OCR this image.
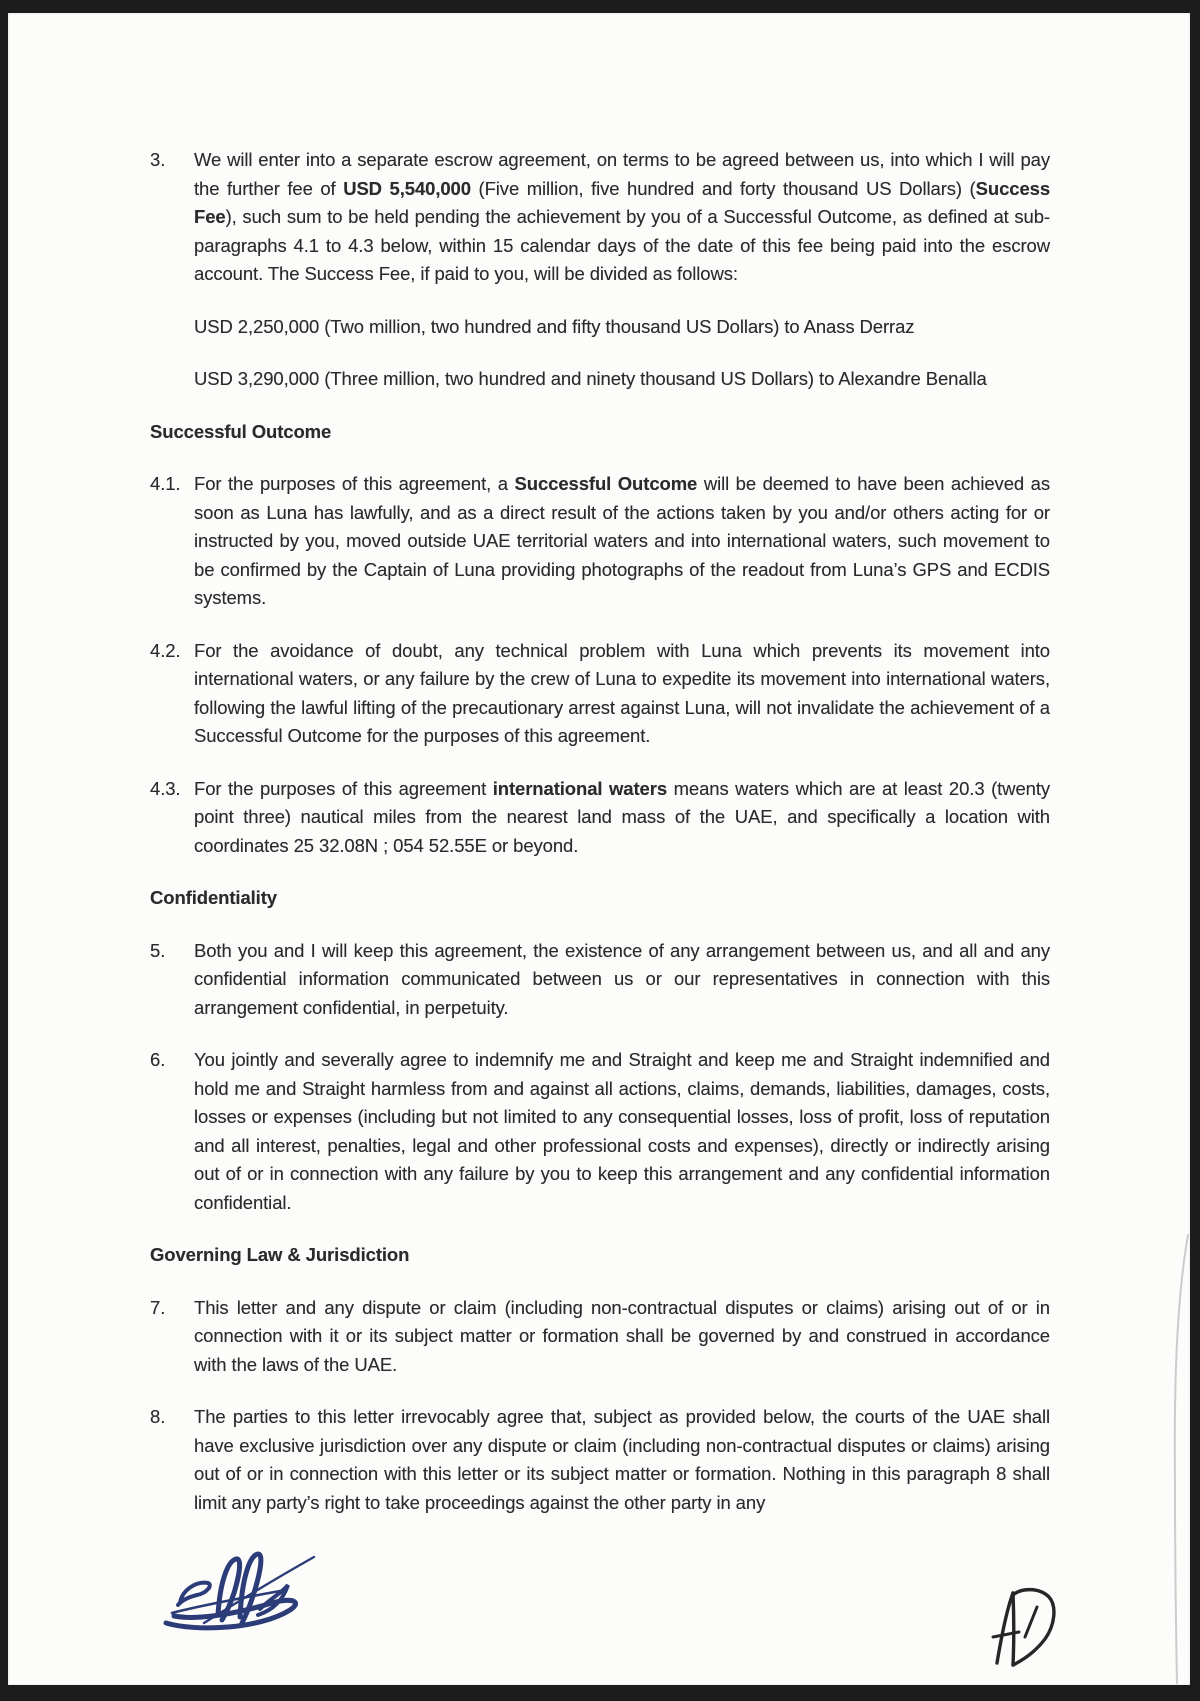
3.	We will enter into a separate escrow agreement, on terms to be agreed between us, into which I will pay the further fee of USD 5,540,000 (Five million, five hundred and forty thousand US Dollars) (Success Fee), such sum to be held pending the achievement by you of a Successful Outcome, as defined at sub-paragraphs 4.1 to 4.3 below, within 15 calendar days of the date of this fee being paid into the escrow account. The Success Fee, if paid to you, will be divided as follows:
USD 2,250,000 (Two million, two hundred and fifty thousand US Dollars) to Anass Derraz
USD 3,290,000 (Three million, two hundred and ninety thousand US Dollars) to Alexandre Benalla
Successful Outcome
4.1. For the purposes of this agreement, a Successful Outcome will be deemed to have been achieved as soon as Luna has lawfully, and as a direct result of the actions taken by you and/or others acting for or instructed by you, moved outside UAE territorial waters and into international waters, such movement to be confirmed by the Captain of Luna providing photographs of the readout from Luna’s GPS and ECDIS systems.
4.2. For the avoidance of doubt, any technical problem with Luna which prevents its movement into international waters, or any failure by the crew of Luna to expedite its movement into international waters, following the lawful lifting of the precautionary arrest against Luna, will not invalidate the achievement of a Successful Outcome for the purposes of this agreement.
4.3. For the purposes of this agreement international waters means waters which are at least 20.3 (twenty point three) nautical miles from the nearest land mass of the UAE, and specifically a location with coordinates 25 32.08N ; 054 52.55E or beyond.
Confidentiality
5.	Both you and I will keep this agreement, the existence of any arrangement between us, and all and any confidential information communicated between us or our representatives in connection with this arrangement confidential, in perpetuity.
6.	You jointly and severally agree to indemnify me and Straight and keep me and Straight indemnified and hold me and Straight harmless from and against all actions, claims, demands, liabilities, damages, costs, losses or expenses (including but not limited to any consequential losses, loss of profit, loss of reputation and all interest, penalties, legal and other professional costs and expenses), directly or indirectly arising out of or in connection with any failure by you to keep this arrangement and any confidential information confidential.
Governing Law & Jurisdiction
7.	This letter and any dispute or claim (including non-contractual disputes or claims) arising out of or in connection with it or its subject matter or formation shall be governed by and construed in accordance with the laws of the UAE.
8.	The parties to this letter irrevocably agree that, subject as provided below, the courts of the UAE shall have exclusive jurisdiction over any dispute or claim (including non-contractual disputes or claims) arising out of or in connection with this letter or its subject matter or formation. Nothing in this paragraph 8 shall limit any party’s right to take proceedings against the other party in any
